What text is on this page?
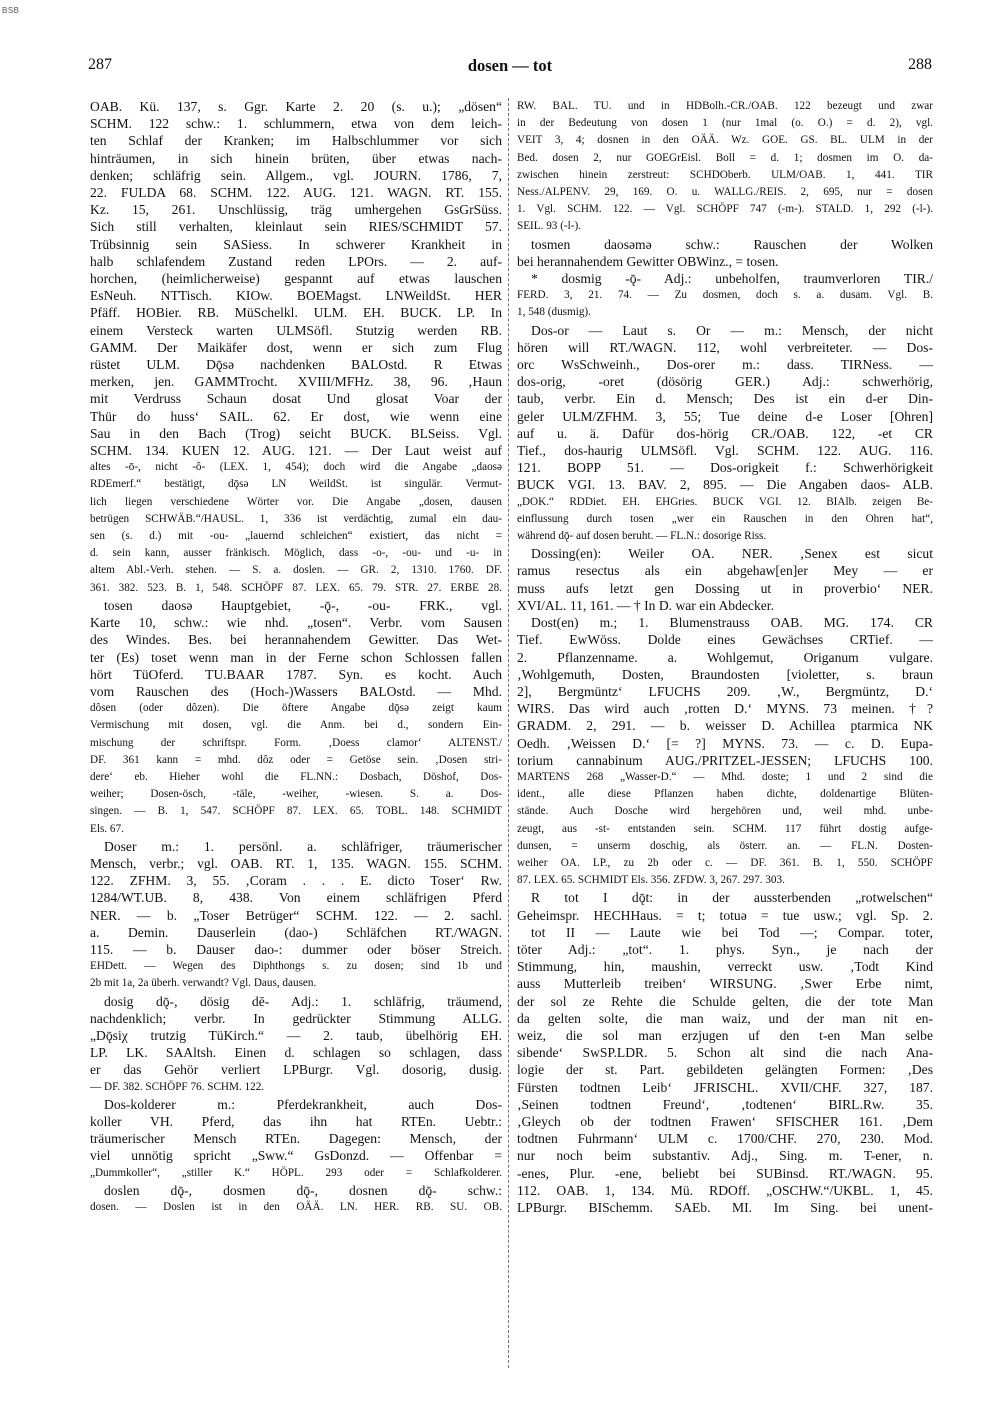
BSB
287	dosen — tot	288
OAB. Kü. 137, s. Ggr. Karte 2. 20 (s. u.); „dösen“
SCHM. 122 schw.: 1. schlummern, etwa von dem leich-
ten Schlaf der Kranken; im Halbschlummer vor sich
hinträumen, in sich hinein brüten, über etwas nach-
denken; schläfrig sein. Allgem., vgl. JOURN. 1786, 7,
22. FULDA 68. SCHM. 122. AUG. 121. WAGN. RT. 155.
Kz. 15, 261. Unschlüssig, träg umhergehen GsGrSüss.
Sich still verhalten, kleinlaut sein RIES/SCHMIDT 57.
Trübsinnig sein SASiess. In schwerer Krankheit in
halb schlafendem Zustand reden LPOrs. — 2. auf-
horchen, (heimlicherweise) gespannt auf etwas lauschen
EsNeuh. NTTisch. KIOw. BOEMagst. LNWeildSt. HER
Pfäff. HOBier. RB. MüSchelkl. ULM. EH. BUCK. LP. In
einem Versteck warten ULMSöfl. Stutzig werden RB.
GAMM. Der Maikäfer dost, wenn er sich zum Flug
rüstet ULM. Dǭsə nachdenken BALOstd. R Etwas
merken, jen. GAMMTrocht. XVIII/MFHz. 38, 96. ‚Haun
mit Verdruss Schaun dosat Und glosat Voar der
Thür do huss‘ SAIL. 62. Er dost, wie wenn eine
Sau in den Bach (Trog) seicht BUCK. BLSeiss. Vgl.
SCHM. 134. KUEN 12. AUG. 121. — Der Laut weist auf
altes -ō-, nicht -ô- (LEX. 1, 454); doch wird die Angabe „daosə
RDEmerf.“ bestätigt, dǭsə LN WeildSt. ist singulär. Vermut-
lich liegen verschiedene Wörter vor. Die Angabe „dosen, dausen
betrügen SCHWÄB.“/HAUSL. 1, 336 ist verdächtig, zumal ein dau-
sen (s. d.) mit -ou- „lauernd schleichen“ existiert, das nicht =
d. sein kann, ausser fränkisch. Möglich, dass -o-, -ou- und -u- in
altem Abl.-Verh. stehen. — S. a. doslen. — GR. 2, 1310. 1760. DF.
361. 382. 523. B. 1, 548. SCHÖPF 87. LEX. 65. 79. STR. 27. ERBE 28.
tosen daosə Hauptgebiet, -ǭ-, -ou- FRK., vgl.
Karte 10, schw.: wie nhd. „tosen“. Verbr. vom Sausen
des Windes. Bes. bei herannahendem Gewitter. Das Wet-
ter (Es) toset wenn man in der Ferne schon Schlossen fallen
hört TüOferd. TU.BAAR 1787. Syn. es kocht. Auch
vom Rauschen des (Hoch-)Wassers BALOstd. — Mhd.
dôsen (oder dôzen). Die öftere Angabe dǭsə zeigt kaum
Vermischung mit dosen, vgl. die Anm. bei d., sondern Ein-
mischung der schriftspr. Form. ‚Doess clamor‘ ALTENST./
DF. 361 kann = mhd. dôz oder = Getöse sein. ‚Dosen stri-
dere‘ eb. Hieher wohl die FL.NN.: Dosbach, Döshof, Dos-
weiher; Dosen-ösch, -täle, -weiher, -wiesen. S. a. Dos-
singen. — B. 1, 547. SCHÖPF 87. LEX. 65. TOBL. 148. SCHMIDT
Els. 67.
Doser m.: 1. persönl. a. schläfriger, träumerischer
Mensch, verbr.; vgl. OAB. RT. 1, 135. WAGN. 155. SCHM.
122. ZFHM. 3, 55. ‚Coram . . . E. dicto Toser‘ Rw.
1284/WT.UB. 8, 438. Von einem schläfrigen Pferd
NER. — b. „Toser Betrüger“ SCHM. 122. — 2. sachl.
a. Demin. Dauserlein (dao-) Schläfchen RT./WAGN.
115. — b. Dauser dao-: dummer oder böser Streich.
EHDett. — Wegen des Diphthongs s. zu dosen; sind 1b und
2b mit 1a, 2a überh. verwandt? Vgl. Daus, dausen.
dosig dǭ-, dösig dē- Adj.: 1. schläfrig, träumend,
nachdenklich; verbr. In gedrückter Stimmung ALLG.
„Dǭsiχ trutzig TüKirch.“ — 2. taub, übelhörig EH.
LP. LK. SAAltsh. Einen d. schlagen so schlagen, dass
er das Gehör verliert LPBurgr. Vgl. dosorig, dusig.
— DF. 382. SCHÖPF 76. SCHM. 122.
Dos-kolderer m.: Pferdekrankheit, auch Dos-
koller VH. Pferd, das ihn hat RTEn. Uebtr.:
träumerischer Mensch RTEn. Dagegen: Mensch, der
viel unnötig spricht „Sww.“ GsDonzd. — Offenbar =
„Dummkoller“, „stiller K.“ HÖPL. 293 oder = Schlafkolderer.
doslen dǭ-, dosmen dǭ-, dosnen dǭ- schw.:
dosen. — Doslen ist in den OÄÄ. LN. HER. RB. SU. OB.
RW. BAL. TU. und in HDBolh.-CR./OAB. 122 bezeugt und zwar
in der Bedeutung von dosen 1 (nur 1mal (o. O.) = d. 2), vgl.
VEIT 3, 4; dosnen in den OÄÄ. Wz. GOE. GS. BL. ULM in der
Bed. dosen 2, nur GOEGrEisl. Boll = d. 1; dosmen im O. da-
zwischen hinein zerstreut: SCHDOberb. ULM/OAB. 1, 441. TIR
Ness./ALPENV. 29, 169. O. u. WALLG./REIS. 2, 695, nur = dosen
1. Vgl. SCHM. 122. — Vgl. SCHÖPF 747 (-m-). STALD. 1, 292 (-l-).
SEIL. 93 (-l-).
tosmen daosəmə schw.: Rauschen der Wolken
bei herannahendem Gewitter OBWinz., = tosen.
* dosmig -ǭ- Adj.: unbeholfen, traumverloren TIR./
FERD. 3, 21. 74. — Zu dosmen, doch s. a. dusam. Vgl. B.
1, 548 (dusmig).
Dos-or — Laut s. Or — m.: Mensch, der nicht
hören will RT./WAGN. 112, wohl verbreiteter. — Dos-
orc WsSchweinh., Dos-orer m.: dass. TIRNess. —
dos-orig, -oret (dösörig GER.) Adj.: schwerhörig,
taub, verbr. Ein d. Mensch; Des ist ein d-er Din-
geler ULM/ZFHM. 3, 55; Tue deine d-e Loser [Ohren]
auf u. ä. Dafür dos-hörig CR./OAB. 122, -et CR
Tief., dos-haurig ULMSöfl. Vgl. SCHM. 122. AUG. 116.
121. BOPP 51. — Dos-origkeit f.: Schwerhörigkeit
BUCK VGI. 13. BAV. 2, 895. — Die Angaben daos- ALB.
„DOK.“ RDDiet. EH. EHGries. BUCK VGI. 12. BIAlb. zeigen Be-
einflussung durch tosen „wer ein Rauschen in den Ohren hat“,
während dǭ- auf dosen beruht. — FL.N.: dosorige Riss.
Dossing(en): Weiler OA. NER. ‚Senex est sicut
ramus resectus als ein abgehaw[en]er Mey — er
muss aufs letzt gen Dossing ut in proverbio‘ NER.
XVI/AL. 11, 161. — † In D. war ein Abdecker.
Dost(en) m.; 1. Blumenstrauss OAB. MG. 174. CR
Tief. EwWöss. Dolde eines Gewächses CRTief. —
2. Pflanzenname. a. Wohlgemut, Origanum vulgare.
‚Wohlgemuth, Dosten, Braundosten [violetter, s. braun
2], Bergmüntz‘ LFUCHS 209. ‚W., Bergmüntz, D.‘
WIRS. Das wird auch ‚rotten D.‘ MYNS. 73 meinen. †?
GRADM. 2, 291. — b. weisser D. Achillea ptarmica NK
Oedh. ‚Weissen D.‘ [= ?] MYNS. 73. — c. D. Eupa-
torium cannabinum AUG./PRITZEL-JESSEN; LFUCHS 100.
MARTENS 268 „Wasser-D.“ — Mhd. doste; 1 und 2 sind die
ident., alle diese Pflanzen haben dichte, doldenartige Blüten-
stände. Auch Dosche wird hergehören und, weil mhd. unbe-
zeugt, aus -st- entstanden sein. SCHM. 117 führt dostig aufge-
dunsen, = unserm doschig, als österr. an. — FL.N. Dosten-
weiher OA. LP., zu 2b oder c. — DF. 361. B. 1, 550. SCHÖPF
87. LEX. 65. SCHMIDT Els. 356. ZFDW. 3, 267. 297. 303.
R tot I dǭt: in der aussterbenden „rotwelschen“
Geheimspr. HECHHaus. = t; totuə = tue usw.; vgl. Sp. 2.
tot II — Laute wie bei Tod —; Compar. toter,
töter Adj.: „tot“. 1. phys. Syn., je nach der
Stimmung, hin, maushin, verreckt usw. ‚Todt Kind
auss Mutterleib treiben‘ WIRSUNG. ‚Swer Erbe nimt,
der sol ze Rehte die Schulde gelten, die der tote Man
da gelten solte, die man waiz, und der man nit en-
weiz, die sol man erzjugen uf den t-en Man selbe
sibende‘ SwSP.LDR. 5. Schon alt sind die nach Ana-
logie der st. Part. gebildeten gelängten Formen: ‚Des
Fürsten todtnen Leib‘ JFRISCHL. XVII/CHF. 327, 187.
‚Seinen todtnen Freund‘, ‚todtenen‘ BIRL.Rw. 35.
‚Gleych ob der todtnen Frawen‘ SFISCHER 161. ‚Dem
todtnen Fuhrmann‘ ULM c. 1700/CHF. 270, 230. Mod.
nur noch beim substantiv. Adj., Sing. m. T-ener, n.
-enes, Plur. -ene, beliebt bei SUBinsd. RT./WAGN. 95.
112. OAB. 1, 134. Mü. RDOff. „OSCHW.“/UKBL. 1, 45.
LPBurgr. BISchemm. SAEb. MI. Im Sing. bei unent-
